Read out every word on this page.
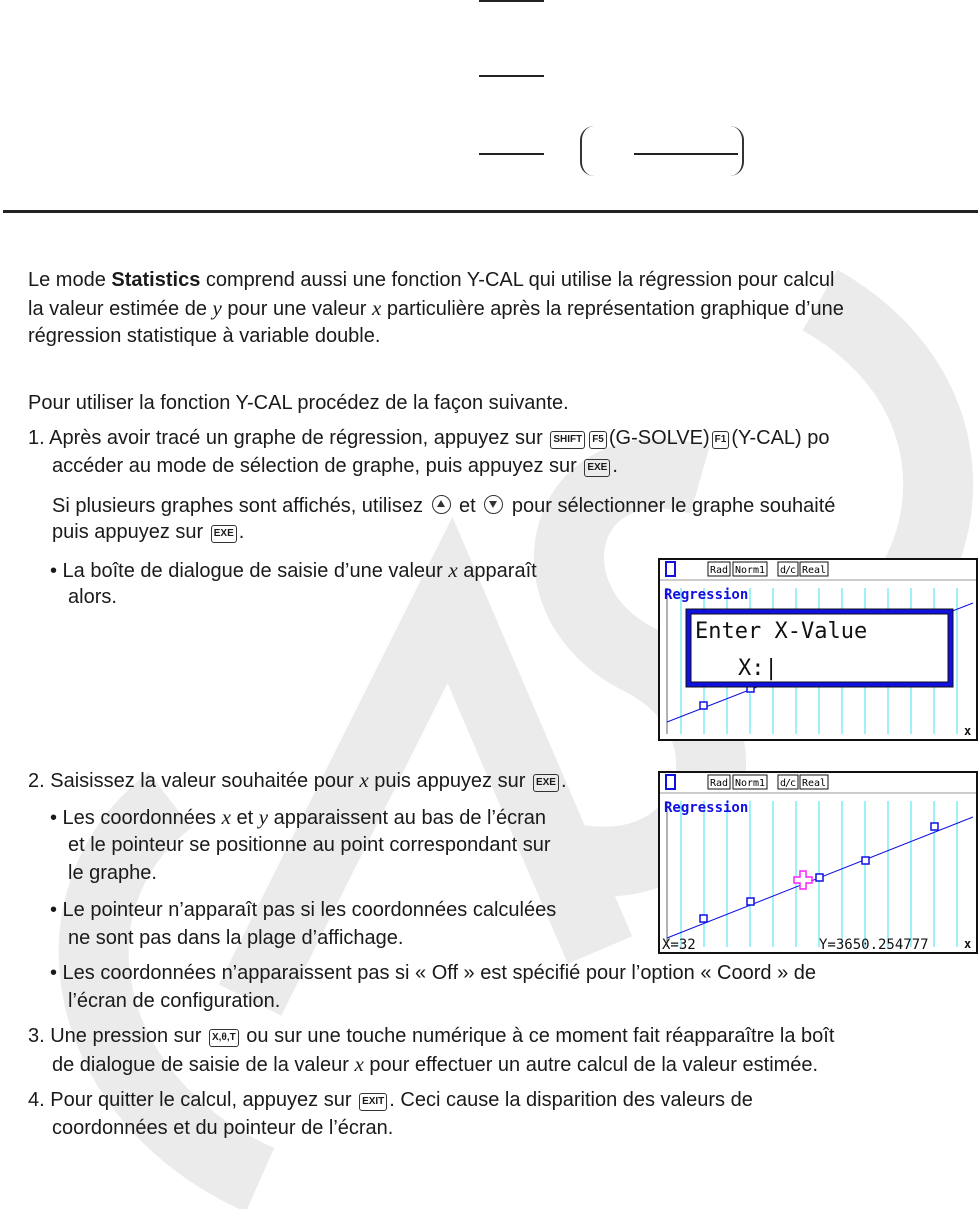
Le mode Statistics comprend aussi une fonction Y-CAL qui utilise la régression pour calcul
la valeur estimée de y pour une valeur x particulière après la représentation graphique d’une
régression statistique à variable double.
Pour utiliser la fonction Y-CAL procédez de la façon suivante.
1. Après avoir tracé un graphe de régression, appuyez sur SHIFT F5 (G-SOLVE) F1 (Y-CAL) po
accéder au mode de sélection de graphe, puis appuyez sur EXE .
Si plusieurs graphes sont affichés, utilisez  et  pour sélectionner le graphe souhaité
puis appuyez sur EXE .
• La boîte de dialogue de saisie d’une valeur x apparaît
alors.
2. Saisissez la valeur souhaitée pour x puis appuyez sur EXE .
• Les coordonnées x et y apparaissent au bas de l’écran
et le pointeur se positionne au point correspondant sur
le graphe.
• Le pointeur n’apparaît pas si les coordonnées calculées
ne sont pas dans la plage d’affichage.
• Les coordonnées n’apparaissent pas si « Off » est spécifié pour l’option « Coord » de
l’écran de configuration.
3. Une pression sur X,θ,T ou sur une touche numérique à ce moment fait réapparaître la boît
de dialogue de saisie de la valeur x pour effectuer un autre calcul de la valeur estimée.
4. Pour quitter le calcul, appuyez sur EXIT . Ceci cause la disparition des valeurs de
coordonnées et du pointeur de l’écran.
Rad Norm1 d/c Real
Regression
Enter X-Value
X:|
x
Rad Norm1 d/c Real
Regression
X=32	Y=3650.254777	x
